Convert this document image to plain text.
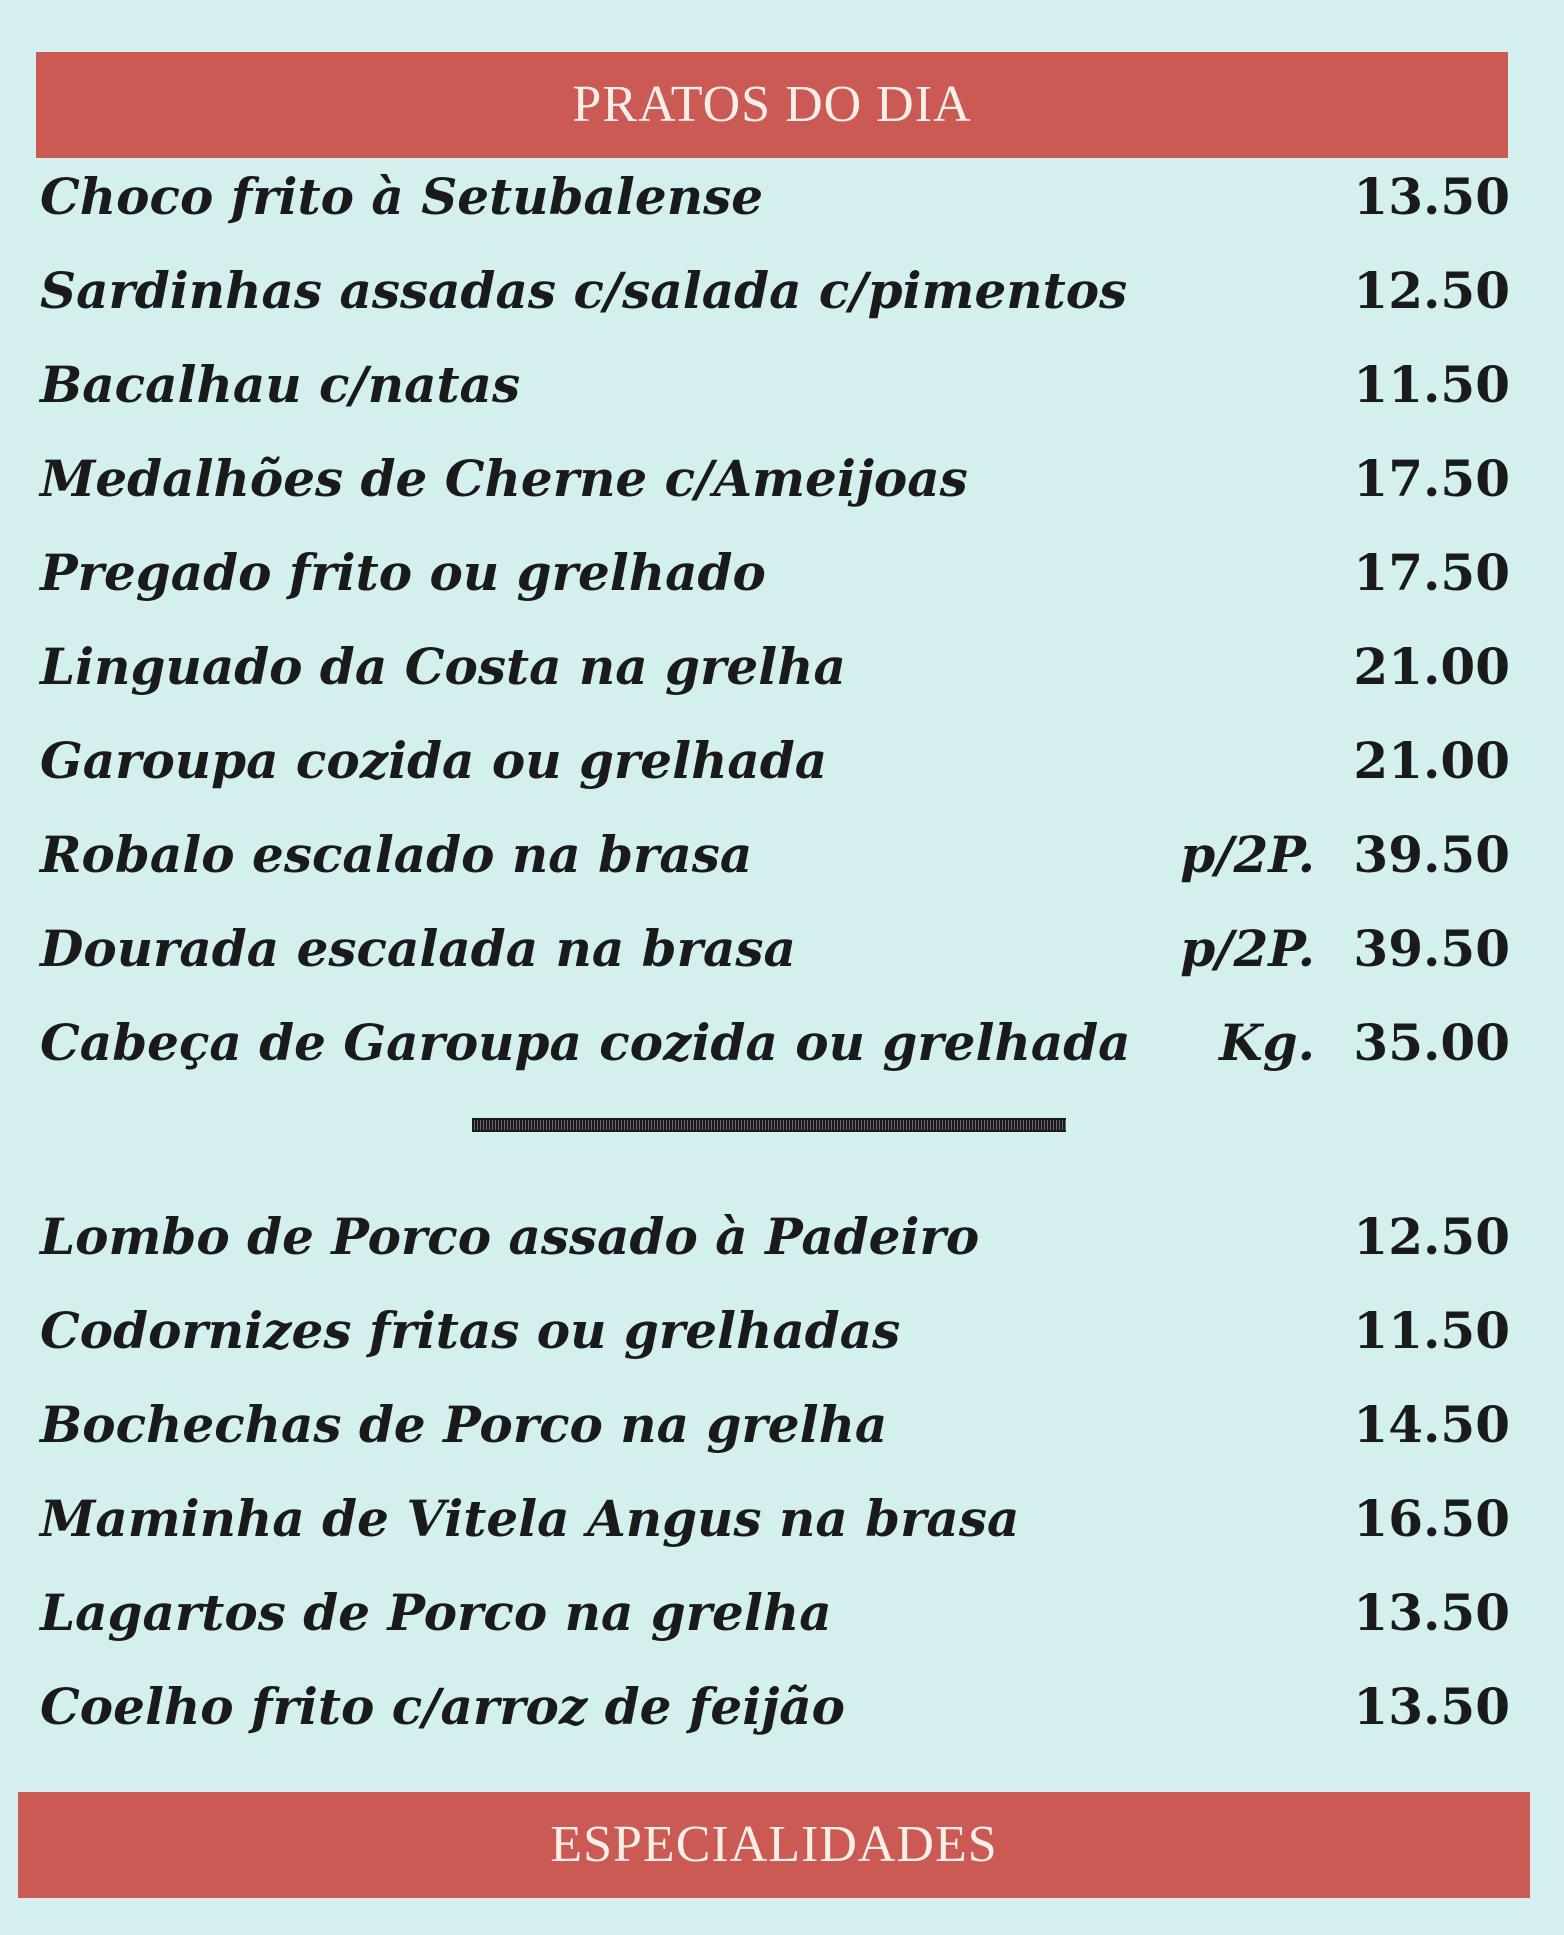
PRATOS DO DIA
Choco frito à Setubalense	13.50
Sardinhas assadas c/salada c/pimentos	12.50
Bacalhau c/natas	11.50
Medalhões de Cherne c/Ameijoas	17.50
Pregado frito ou grelhado	17.50
Linguado da Costa na grelha	21.00
Garoupa cozida ou grelhada	21.00
Robalo escalado na brasa	p/2P. 39.50
Dourada escalada na brasa	p/2P. 39.50
Cabeça de Garoupa cozida ou grelhada	Kg. 35.00
Lombo de Porco assado à Padeiro	12.50
Codornizes fritas ou grelhadas	11.50
Bochechas de Porco na grelha	14.50
Maminha de Vitela Angus na brasa	16.50
Lagartos de Porco na grelha	13.50
Coelho frito c/arroz de feijão	13.50
ESPECIALIDADES
